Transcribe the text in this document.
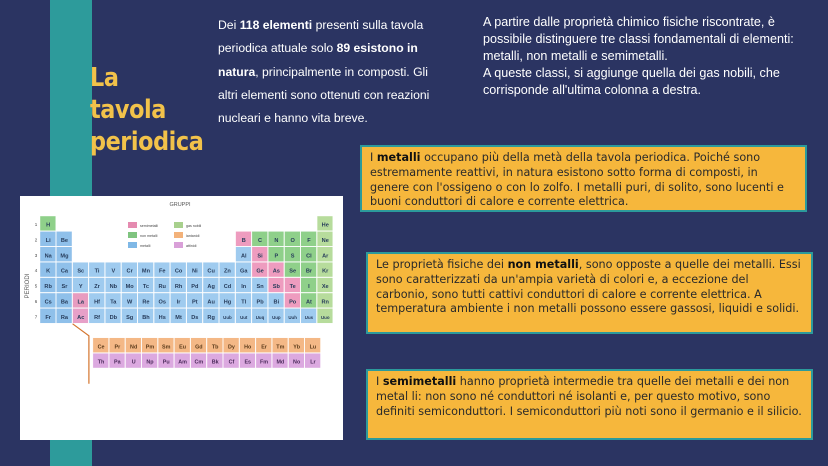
La tavola
periodica
Dei 118 elementi presenti sulla tavola periodica attuale solo 89 esistono in natura, principalmente in composti. Gli altri elementi sono ottenuti con reazioni nucleari e hanno vita breve.
A partire dalle proprietà chimico fisiche riscontrate, è possibile distinguere tre classi fondamentali di elementi: metalli, non metalli e semimetalli.
A queste classi, si aggiunge quella dei gas nobili, che corrisponde all'ultima colonna a destra.
I metalli occupano più della metà della tavola periodica. Poiché sono estremamente reattivi, in natura esistono sotto forma di composti, in genere con l'ossigeno o con lo zolfo. I metalli puri, di solito, sono lucenti e buoni conduttori di calore e corrente elettrica.
Le proprietà fisiche dei non metalli, sono opposte a quelle dei metalli. Essi sono caratterizzati da un'ampia varietà di colori e, a eccezione del carbonio, sono tutti cattivi conduttori di calore e corrente elettrica. A temperatura ambiente i non metalli possono essere gassosi, liquidi e solidi.
I semimetalli hanno proprietà intermedie tra quelle dei metalli e dei non metal li: non sono né conduttori né isolanti e, per questo motivo, sono definiti semiconduttori. I semiconduttori più noti sono il germanio e il silicio.
GRUPPI
PERIODI
H	He
Li Be	B C N O F Ne
Na Mg	Al Si P S Cl Ar
K Ca Sc Ti V Cr Mn Fe Co Ni Cu Zn Ga Ge As Se Br Kr
Rb Sr Y Zr Nb Mo Tc Ru Rh Pd Ag Cd In Sn Sb Te I Xe
Cs Ba La Hf Ta W Re Os Ir Pt Au Hg Tl Pb Bi Po At Rn
Fr Ra Ac Rf Db Sg Bh Hs Mt Ds Rg Uub Uut Uuq Uup Uuh Uus Uuo
1
2
3
4
5
6
7
semimetalli	gas nobili
non metalli	lantanidi
metalli	attinidi
Ce Pr Nd Pm Sm Eu Gd Tb Dy Ho Er Tm Yb Lu
Th Pa U Np Pu Am Cm Bk Cf Es Fm Md No Lr
